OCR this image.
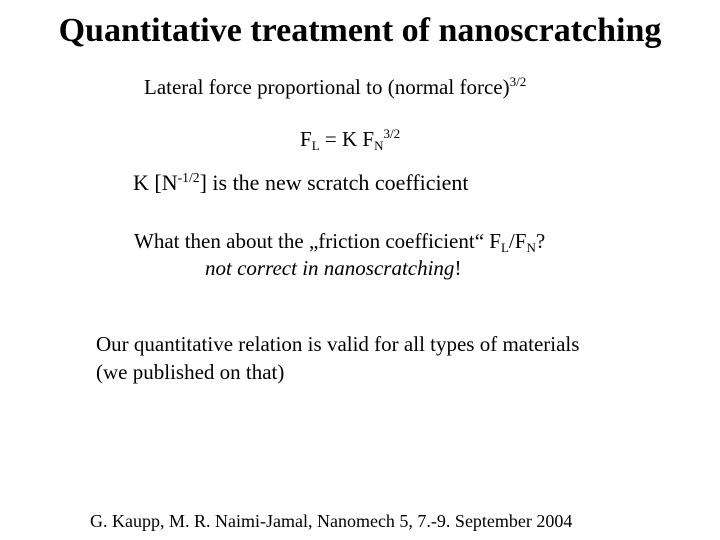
Quantitative treatment of nanoscratching
Lateral force proportional to (normal force)$^{3/2}$
$F_L = K$ $F_N^{3/2}$
K $[N^{-1/2}]$ is the new scratch coefficient
What then about the „friction coefficient“ $F_L/F_N$?
not correct in nanoscratching!
Our quantitative relation is valid for all types of materials
(we published on that)
G. Kaupp, M. R. Naimi-Jamal, Nanomech 5, 7.-9. September 2004
